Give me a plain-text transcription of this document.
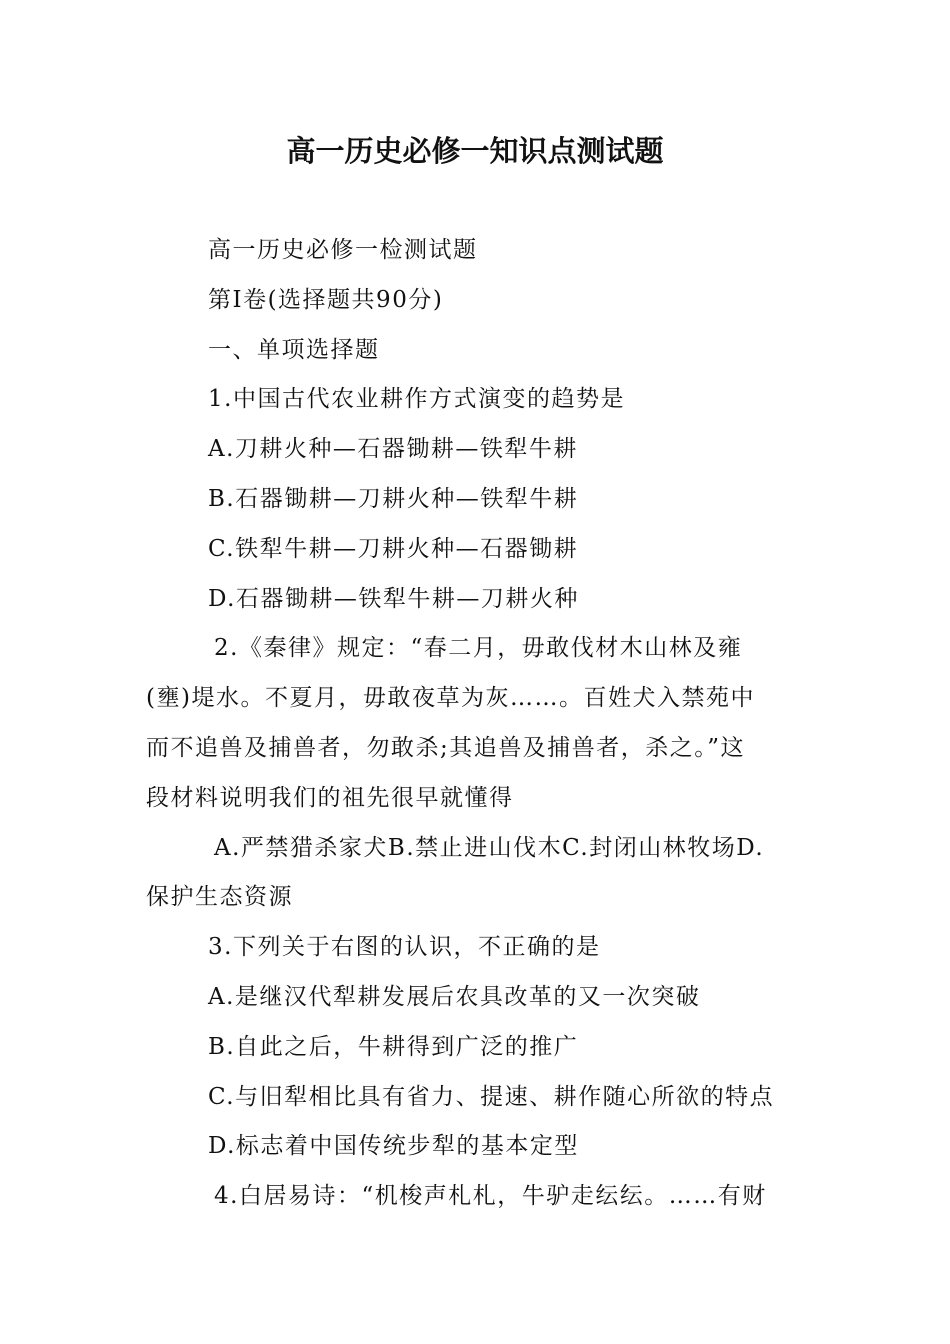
高一历史必修一知识点测试题
高一历史必修一检测试题
第Ⅰ卷(选择题共90分)
一、单项选择题
1.中国古代农业耕作方式演变的趋势是
A.刀耕火种—石器锄耕—铁犁牛耕
B.石器锄耕—刀耕火种—铁犁牛耕
C.铁犁牛耕—刀耕火种—石器锄耕
D.石器锄耕—铁犁牛耕—刀耕火种
2.《秦律》规定：“春二月，毋敢伐材木山林及雍
(壅)堤水。不夏月，毋敢夜草为灰……。百姓犬入禁苑中
而不追兽及捕兽者，勿敢杀;其追兽及捕兽者，杀之。”这
段材料说明我们的祖先很早就懂得
A.严禁猎杀家犬B.禁止进山伐木C.封闭山林牧场D.
保护生态资源
3.下列关于右图的认识，不正确的是
A.是继汉代犁耕发展后农具改革的又一次突破
B.自此之后，牛耕得到广泛的推广
C.与旧犁相比具有省力、提速、耕作随心所欲的特点
D.标志着中国传统步犁的基本定型
4.白居易诗：“机梭声札札，牛驴走纭纭。……有财
